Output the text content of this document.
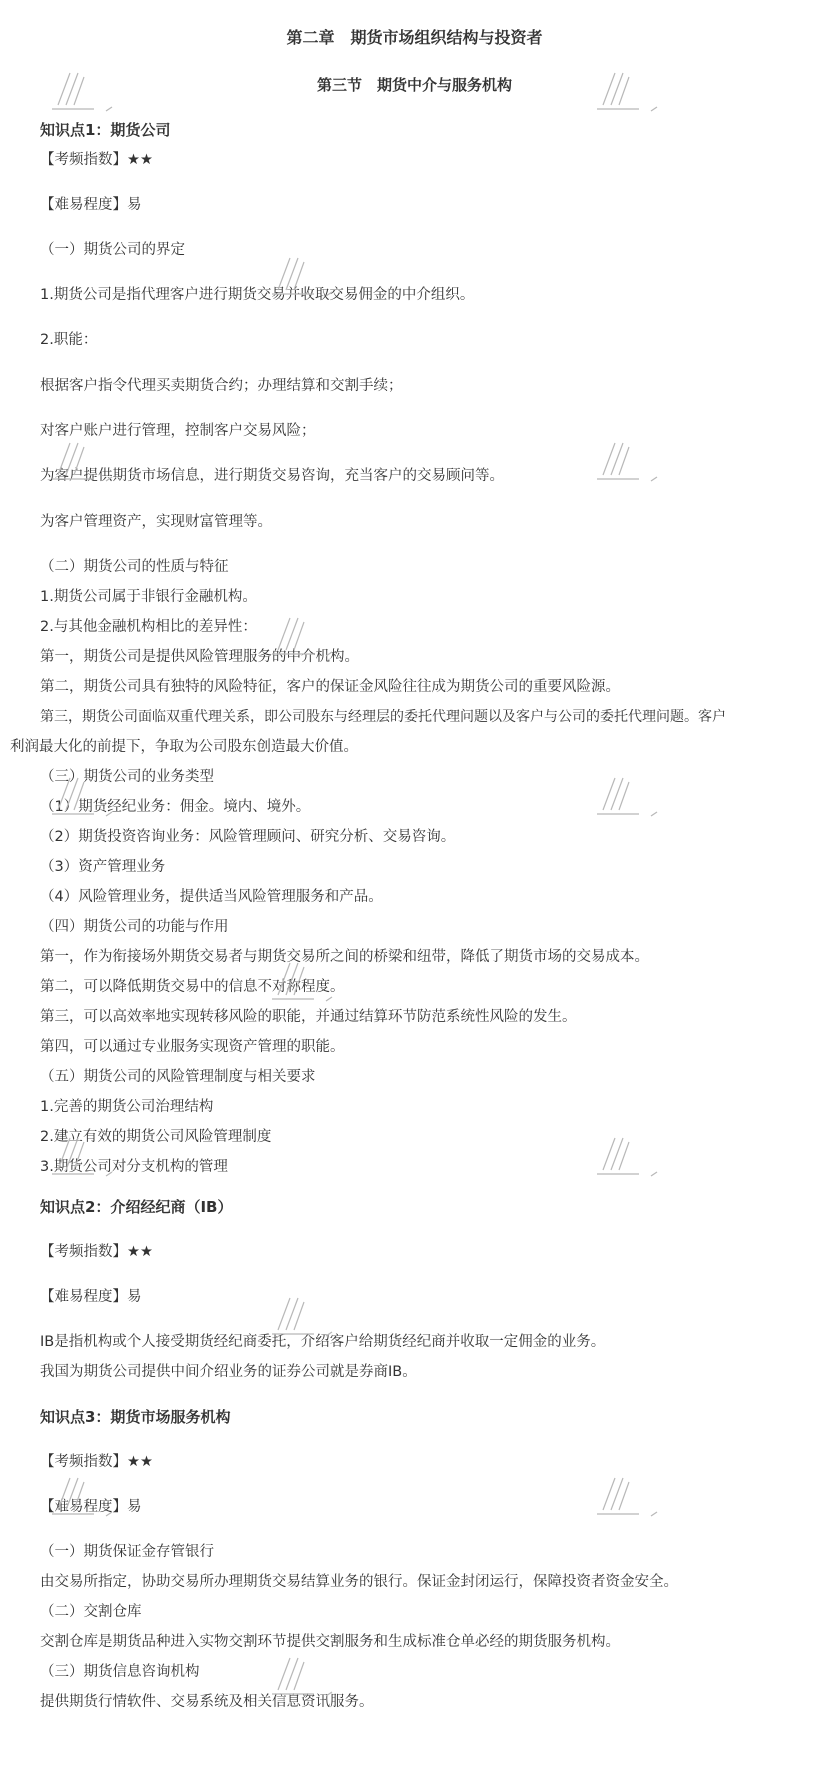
第二章　期货市场组织结构与投资者
第三节　期货中介与服务机构
知识点1：期货公司
【考频指数】★★
【难易程度】易
（一）期货公司的界定
1.期货公司是指代理客户进行期货交易并收取交易佣金的中介组织。
2.职能：
根据客户指令代理买卖期货合约；办理结算和交割手续；
对客户账户进行管理，控制客户交易风险；
为客户提供期货市场信息，进行期货交易咨询，充当客户的交易顾问等。
为客户管理资产，实现财富管理等。
（二）期货公司的性质与特征
1.期货公司属于非银行金融机构。
2.与其他金融机构相比的差异性：
第一，期货公司是提供风险管理服务的中介机构。
第二，期货公司具有独特的风险特征，客户的保证金风险往往成为期货公司的重要风险源。
第三，期货公司面临双重代理关系，即公司股东与经理层的委托代理问题以及客户与公司的委托代理问题。客户
利润最大化的前提下，争取为公司股东创造最大价值。
（三）期货公司的业务类型
（1）期货经纪业务：佣金。境内、境外。
（2）期货投资咨询业务：风险管理顾问、研究分析、交易咨询。
（3）资产管理业务
（4）风险管理业务，提供适当风险管理服务和产品。
（四）期货公司的功能与作用
第一，作为衔接场外期货交易者与期货交易所之间的桥梁和纽带，降低了期货市场的交易成本。
第二，可以降低期货交易中的信息不对称程度。
第三，可以高效率地实现转移风险的职能，并通过结算环节防范系统性风险的发生。
第四，可以通过专业服务实现资产管理的职能。
（五）期货公司的风险管理制度与相关要求
1.完善的期货公司治理结构
2.建立有效的期货公司风险管理制度
3.期货公司对分支机构的管理
知识点2：介绍经纪商（IB）
【考频指数】★★
【难易程度】易
IB是指机构或个人接受期货经纪商委托，介绍客户给期货经纪商并收取一定佣金的业务。
我国为期货公司提供中间介绍业务的证券公司就是券商IB。
知识点3：期货市场服务机构
【考频指数】★★
【难易程度】易
（一）期货保证金存管银行
由交易所指定，协助交易所办理期货交易结算业务的银行。保证金封闭运行，保障投资者资金安全。
（二）交割仓库
交割仓库是期货品种进入实物交割环节提供交割服务和生成标准仓单必经的期货服务机构。
（三）期货信息咨询机构
提供期货行情软件、交易系统及相关信息资讯服务。
